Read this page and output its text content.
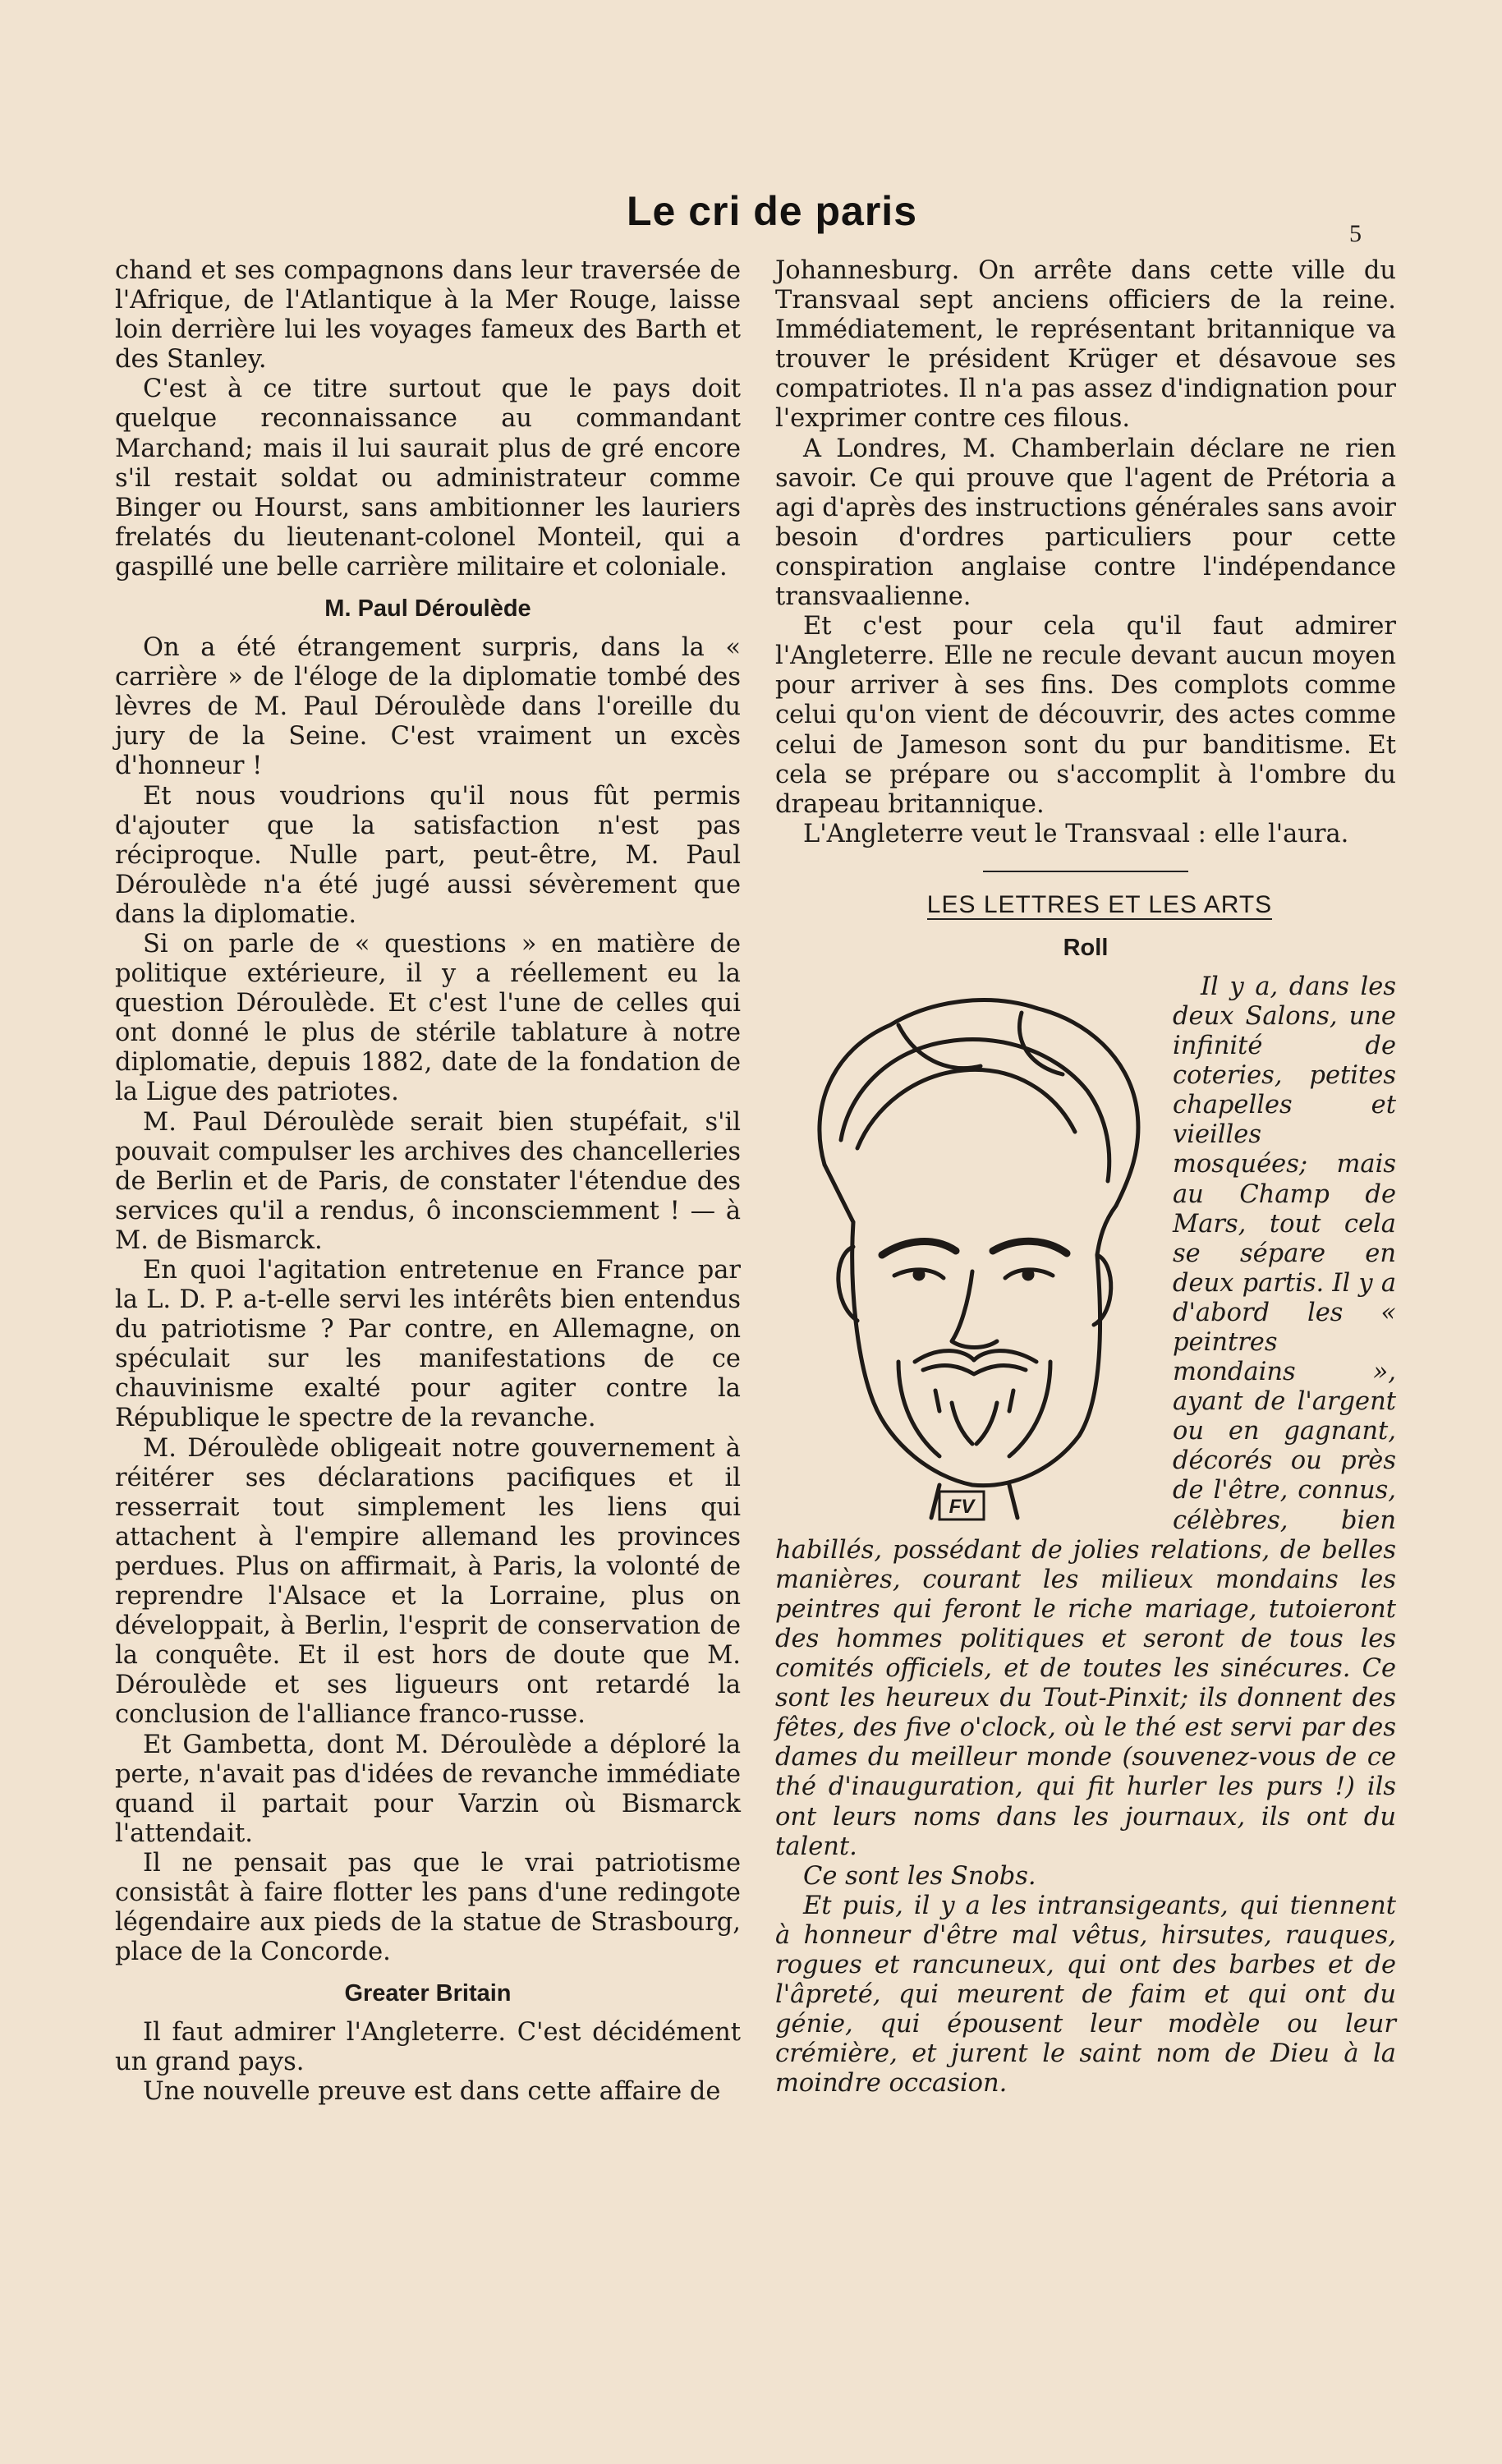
Le cri de paris	5

chand et ses compagnons dans leur traversée de l'Afrique, de l'Atlantique à la Mer Rouge, laisse loin derrière lui les voyages fameux des Barth et des Stanley.

C'est à ce titre surtout que le pays doit quelque reconnaissance au commandant Marchand; mais il lui saurait plus de gré encore s'il restait soldat ou administrateur comme Binger ou Hourst, sans ambitionner les lauriers frelatés du lieutenant-colonel Monteil, qui a gaspillé une belle carrière militaire et coloniale.

M. Paul Déroulède

On a été étrangement surpris, dans la « carrière » de l'éloge de la diplomatie tombé des lèvres de M. Paul Déroulède dans l'oreille du jury de la Seine. C'est vraiment un excès d'honneur !

Et nous voudrions qu'il nous fût permis d'ajouter que la satisfaction n'est pas réciproque. Nulle part, peut-être, M. Paul Déroulède n'a été jugé aussi sévèrement que dans la diplomatie.

Si on parle de « questions » en matière de politique extérieure, il y a réellement eu la question Déroulède. Et c'est l'une de celles qui ont donné le plus de stérile tablature à notre diplomatie, depuis 1882, date de la fondation de la Ligue des patriotes.

M. Paul Déroulède serait bien stupéfait, s'il pouvait compulser les archives des chancelleries de Berlin et de Paris, de constater l'étendue des services qu'il a rendus, ô inconsciemment ! — à M. de Bismarck.

En quoi l'agitation entretenue en France par la L. D. P. a-t-elle servi les intérêts bien entendus du patriotisme ? Par contre, en Allemagne, on spéculait sur les manifestations de ce chauvinisme exalté pour agiter contre la République le spectre de la revanche.

M. Déroulède obligeait notre gouvernement à réitérer ses déclarations pacifiques et il resserrait tout simplement les liens qui attachent à l'empire allemand les provinces perdues. Plus on affirmait, à Paris, la volonté de reprendre l'Alsace et la Lorraine, plus on développait, à Berlin, l'esprit de conservation de la conquête. Et il est hors de doute que M. Déroulède et ses ligueurs ont retardé la conclusion de l'alliance franco-russe.

Et Gambetta, dont M. Déroulède a déploré la perte, n'avait pas d'idées de revanche immédiate quand il partait pour Varzin où Bismarck l'attendait.

Il ne pensait pas que le vrai patriotisme consistât à faire flotter les pans d'une redingote légendaire aux pieds de la statue de Strasbourg, place de la Concorde.

Greater Britain

Il faut admirer l'Angleterre. C'est décidément un grand pays.

Une nouvelle preuve est dans cette affaire de

Johannesburg. On arrête dans cette ville du Transvaal sept anciens officiers de la reine. Immédiatement, le représentant britannique va trouver le président Krüger et désavoue ses compatriotes. Il n'a pas assez d'indignation pour l'exprimer contre ces filous.

A Londres, M. Chamberlain déclare ne rien savoir. Ce qui prouve que l'agent de Prétoria a agi d'après des instructions générales sans avoir besoin d'ordres particuliers pour cette conspiration anglaise contre l'indépendance transvaalienne.

Et c'est pour cela qu'il faut admirer l'Angleterre. Elle ne recule devant aucun moyen pour arriver à ses fins. Des complots comme celui qu'on vient de découvrir, des actes comme celui de Jameson sont du pur banditisme. Et cela se prépare ou s'accomplit à l'ombre du drapeau britannique.

L'Angleterre veut le Transvaal : elle l'aura.

LES LETTRES ET LES ARTS

Roll

FV
Il y a, dans les deux Salons, une infinité de coteries, petites chapelles et vieilles mosquées; mais au Champ de Mars, tout cela se sépare en deux partis. Il y a d'abord les « peintres mondains », ayant de l'argent ou en gagnant, décorés ou près de l'être, connus, célèbres, bien habillés, possédant de jolies relations, de belles manières, courant les milieux mondains les peintres qui feront le riche mariage, tutoieront des hommes politiques et seront de tous les comités officiels, et de toutes les sinécures. Ce sont les heureux du Tout-Pinxit; ils donnent des fêtes, des five o'clock, où le thé est servi par des dames du meilleur monde (souvenez-vous de ce thé d'inauguration, qui fit hurler les purs !) ils ont leurs noms dans les journaux, ils ont du talent.

Ce sont les Snobs.

Et puis, il y a les intransigeants, qui tiennent à honneur d'être mal vêtus, hirsutes, rauques, rogues et rancuneux, qui ont des barbes et de l'âpreté, qui meurent de faim et qui ont du génie, qui épousent leur modèle ou leur crémière, et jurent le saint nom de Dieu à la moindre occasion.
